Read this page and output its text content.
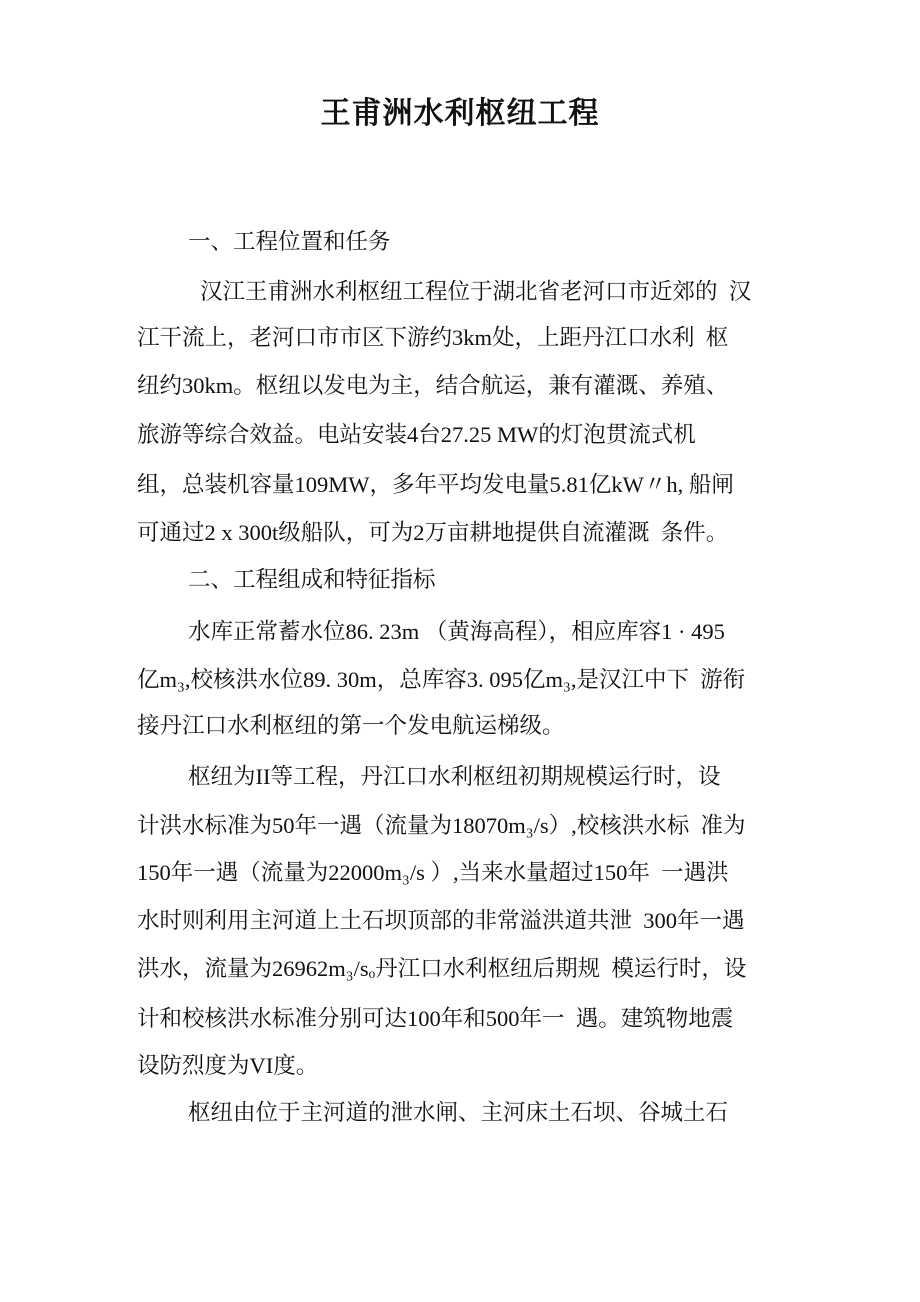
王甫洲水利枢纽工程
一、工程位置和任务
汉江王甫洲水利枢纽工程位于湖北省老河口市近郊的  汉
江干流上，老河口市市区下游约3km处，上距丹江口水利  枢
纽约30km。枢纽以发电为主，结合航运，兼有灌溉、养殖、
旅游等综合效益。电站安装4台27.25 MW的灯泡贯流式机
组，总装机容量109MW，多年平均发电量5.81亿kW〃h, 船闸
可通过2 x 300t级船队，可为2万亩耕地提供自流灌溉  条件。
二、工程组成和特征指标
水库正常蓄水位86. 23m （黄海高程），相应库容1 · 495
亿m₃,校核洪水位89. 30m，总库容3. 095亿m₃,是汉江中下  游衔
接丹江口水利枢纽的第一个发电航运梯级。
枢纽为II等工程，丹江口水利枢纽初期规模运行时，设
计洪水标准为50年一遇（流量为18070m₃/s）,校核洪水标  准为
150年一遇（流量为22000m₃/s ）,当来水量超过150年  一遇洪
水时则利用主河道上土石坝顶部的非常溢洪道共泄  300年一遇
洪水，流量为26962m₃/sₒ丹江口水利枢纽后期规  模运行时，设
计和校核洪水标准分别可达100年和500年一  遇。建筑物地震
设防烈度为VI度。
枢纽由位于主河道的泄水闸、主河床土石坝、谷城土石
